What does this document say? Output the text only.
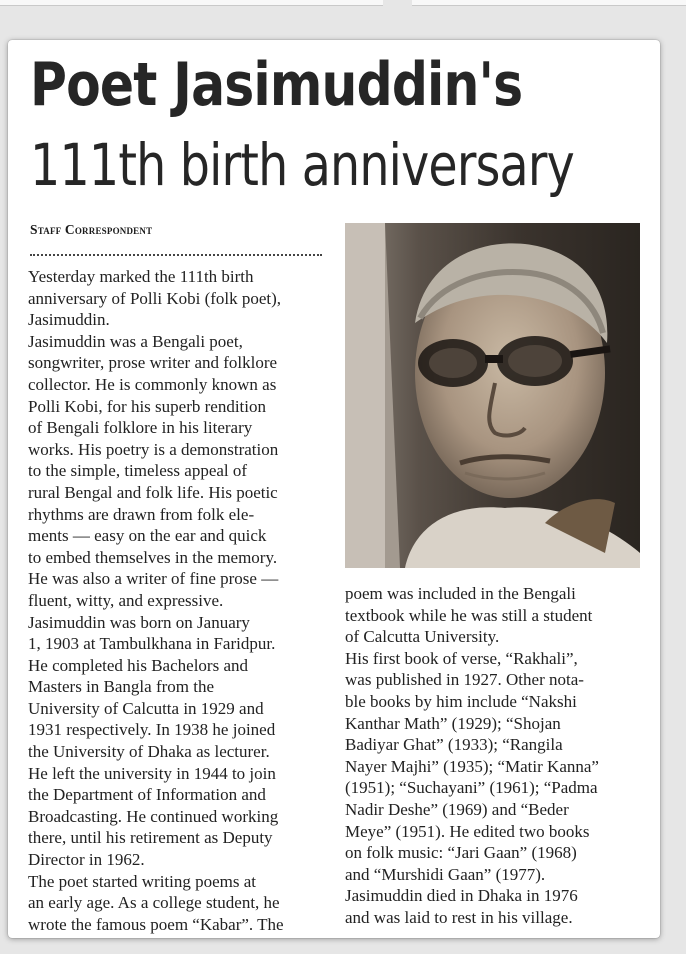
Poet Jasimuddin's
111th birth anniversary
Staff Correspondent

Yesterday marked the 111th birth
anniversary of Polli Kobi (folk poet),
Jasimuddin.

Jasimuddin was a Bengali poet,
songwriter, prose writer and folklore
collector. He is commonly known as
Polli Kobi, for his superb rendition
of Bengali folklore in his literary
works. His poetry is a demonstration
to the simple, timeless appeal of
rural Bengal and folk life. His poetic
rhythms are drawn from folk ele-
ments — easy on the ear and quick
to embed themselves in the memory.
He was also a writer of fine prose —
fluent, witty, and expressive.

Jasimuddin was born on January
1, 1903 at Tambulkhana in Faridpur.
He completed his Bachelors and
Masters in Bangla from the
University of Calcutta in 1929 and
1931 respectively. In 1938 he joined
the University of Dhaka as lecturer.
He left the university in 1944 to join
the Department of Information and
Broadcasting. He continued working
there, until his retirement as Deputy
Director in 1962.

The poet started writing poems at
an early age. As a college student, he
wrote the famous poem “Kabar”. The

poem was included in the Bengali
textbook while he was still a student
of Calcutta University.

His first book of verse, “Rakhali”,
was published in 1927. Other nota-
ble books by him include “Nakshi
Kanthar Math” (1929); “Shojan
Badiyar Ghat” (1933); “Rangila
Nayer Majhi” (1935); “Matir Kanna”
(1951); “Suchayani” (1961); “Padma
Nadir Deshe” (1969) and “Beder
Meye” (1951). He edited two books
on folk music: “Jari Gaan” (1968)
and “Murshidi Gaan” (1977).

Jasimuddin died in Dhaka in 1976
and was laid to rest in his village.
